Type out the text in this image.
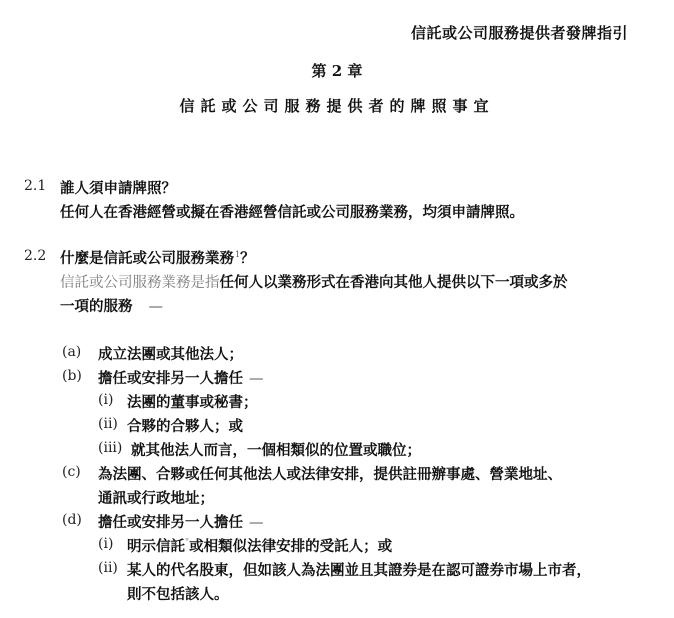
信託或公司服務提供者發牌指引
第 2 章
信託或公司服務提供者的牌照事宜
2.1 誰人須申請牌照？
任何人在香港經營或擬在香港經營信託或公司服務業務，均須申請牌照。
2.2 什麼是信託或公司服務業務$^1$？
信託或公司服務業務是指任何人以業務形式在香港向其他人提供以下一項或多於
一項的服務 —
(a) 成立法團或其他法人；
(b) 擔任或安排另一人擔任 —
(i) 法團的董事或秘書；
(ii) 合夥的合夥人；或
(iii) 就其他法人而言，一個相類似的位置或職位；
(c) 為法團、合夥或任何其他法人或法律安排，提供註冊辦事處、營業地址、
通訊或行政地址；
(d) 擔任或安排另一人擔任 —
(i) 明示信託"或相類似法律安排的受託人；或
(ii) 某人的代名股東，但如該人為法團並且其證券是在認可證券市場上市者，
則不包括該人。
